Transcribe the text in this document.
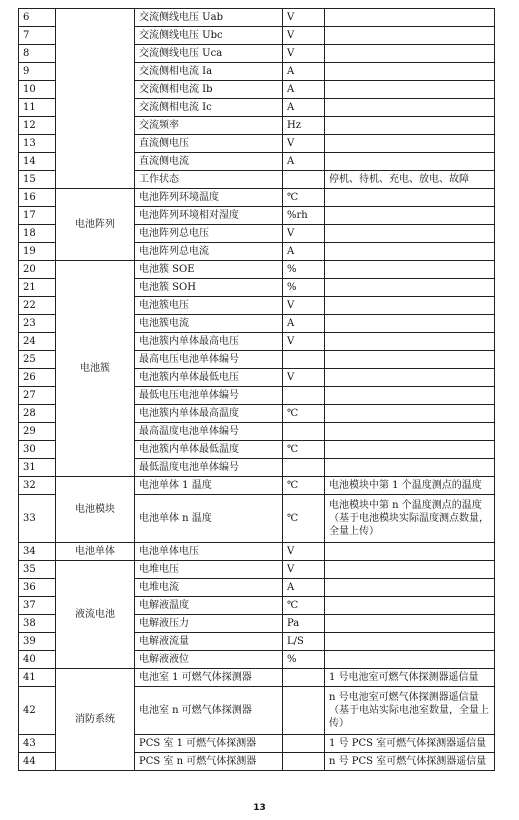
6		交流侧线电压 Uab	V	
7		交流侧线电压 Ubc	V	
8		交流侧线电压 Uca	V	
9		交流侧相电流 Ia	A	
10		交流侧相电流 Ib	A	
11		交流侧相电流 Ic	A	
12		交流频率	Hz	
13		直流侧电压	V	
14		直流侧电流	A	
15		工作状态		停机、待机、充电、放电、故障
16	电池阵列	电池阵列环境温度	℃	
17		电池阵列环境相对湿度	%rh	
18		电池阵列总电压	V	
19		电池阵列总电流	A	
20	电池簇	电池簇 SOE	%	
21		电池簇 SOH	%	
22		电池簇电压	V	
23		电池簇电流	A	
24		电池簇内单体最高电压	V	
25		最高电压电池单体编号		
26		电池簇内单体最低电压	V	
27		最低电压电池单体编号		
28		电池簇内单体最高温度	℃	
29		最高温度电池单体编号		
30		电池簇内单体最低温度	℃	
31		最低温度电池单体编号		
32	电池模块	电池单体 1 温度	℃	电池模块中第 1 个温度测点的温度
33		电池单体 n 温度	℃	电池模块中第 n 个温度测点的温度（基于电池模块实际温度测点数量，全量上传）
34	电池单体	电池单体电压	V	
35	液流电池	电堆电压	V	
36		电堆电流	A	
37		电解液温度	℃	
38		电解液压力	Pa	
39		电解液流量	L/S	
40		电解液液位	%	
41	消防系统	电池室 1 可燃气体探测器		1 号电池室可燃气体探测器遥信量
42		电池室 n 可燃气体探测器		n 号电池室可燃气体探测器遥信量（基于电站实际电池室数量，全量上传）
43		PCS 室 1 可燃气体探测器		1 号 PCS 室可燃气体探测器遥信量
44		PCS 室 n 可燃气体探测器		n 号 PCS 室可燃气体探测器遥信量
13
